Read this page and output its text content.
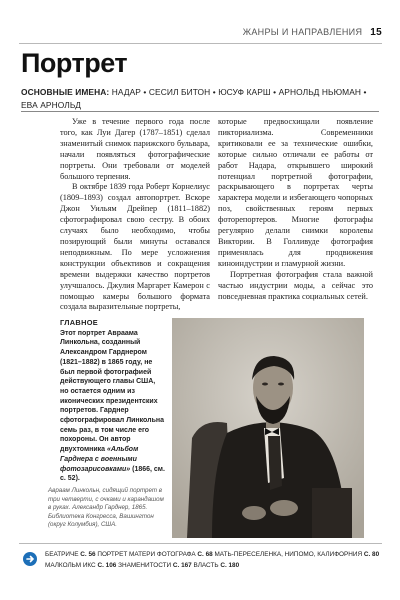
ЖАНРЫ И НАПРАВЛЕНИЯ 15
Портрет
ОСНОВНЫЕ ИМЕНА: НАДАР • СЕСИЛ БИТОН • ЮСУФ КАРШ • АРНОЛЬД НЬЮМАН •
ЕВА АРНОЛЬД

Уже в течение первого года после того, как Луи Дагер (1787–1851) сделал знаменитый снимок парижского бульвара, начали появляться фотографические портреты. Они требовали от моделей большого терпения.

В октябре 1839 года Роберт Корнелиус (1809–1893) создал автопортрет. Вскоре Джон Уильям Дрейпер (1811–1882) сфотографировал свою сестру. В обоих случаях было необходимо, чтобы позирующий были минуты оставался неподвижным. По мере усложнения конструкции объективов и сокращения времени выдержки качество портретов улучшалось. Джулия Маргарет Камерон с помощью камеры большого формата создала выразительные портреты,

которые предвосхищали появление пикториализма. Современники критиковали ее за технические ошибки, которые сильно отличали ее работы от работ Надара, открывшего широкий потенциал портретной фотографии, раскрывающего в портретах черты характера модели и избегающего чопорных поз, свойственных героям первых фоторепортеров. Многие фотографы регулярно делали снимки королевы Виктории. В Голливуде фотография применялась для продвижения киноиндустрии и гламурной жизни.

Портретная фотография стала важной частью индустрии моды, а сейчас это повседневная практика социальных сетей.

ГЛАВНОЕ
Этот портрет Авраама Линкольна, созданный Александром Гарднером (1821–1882) в 1865 году, не был первой фотографией действующего главы США, но остается одним из иконических президентских портретов. Гарднер сфотографировал Линкольна семь раз, в том числе его похороны. Он автор двухтомника «Альбом Гарднера с военными фотозарисовками» (1866, см. с. 52).
Авраам Линкольн, сидящий портрет в три четверти, с очками и карандашом в руках. Александр Гарднер, 1865. Библиотека Конгресса, Вашингтон (округ Колумбия), США.
БЕАТРИЧЕ С. 56 ПОРТРЕТ МАТЕРИ ФОТОГРАФА С. 68 МАТЬ-ПЕРЕСЕЛЕНКА, НИПОМО, КАЛИФОРНИЯ С. 80
МАЛКОЛЬМ ИКС С. 106 ЗНАМЕНИТОСТИ С. 167 ВЛАСТЬ С. 180
